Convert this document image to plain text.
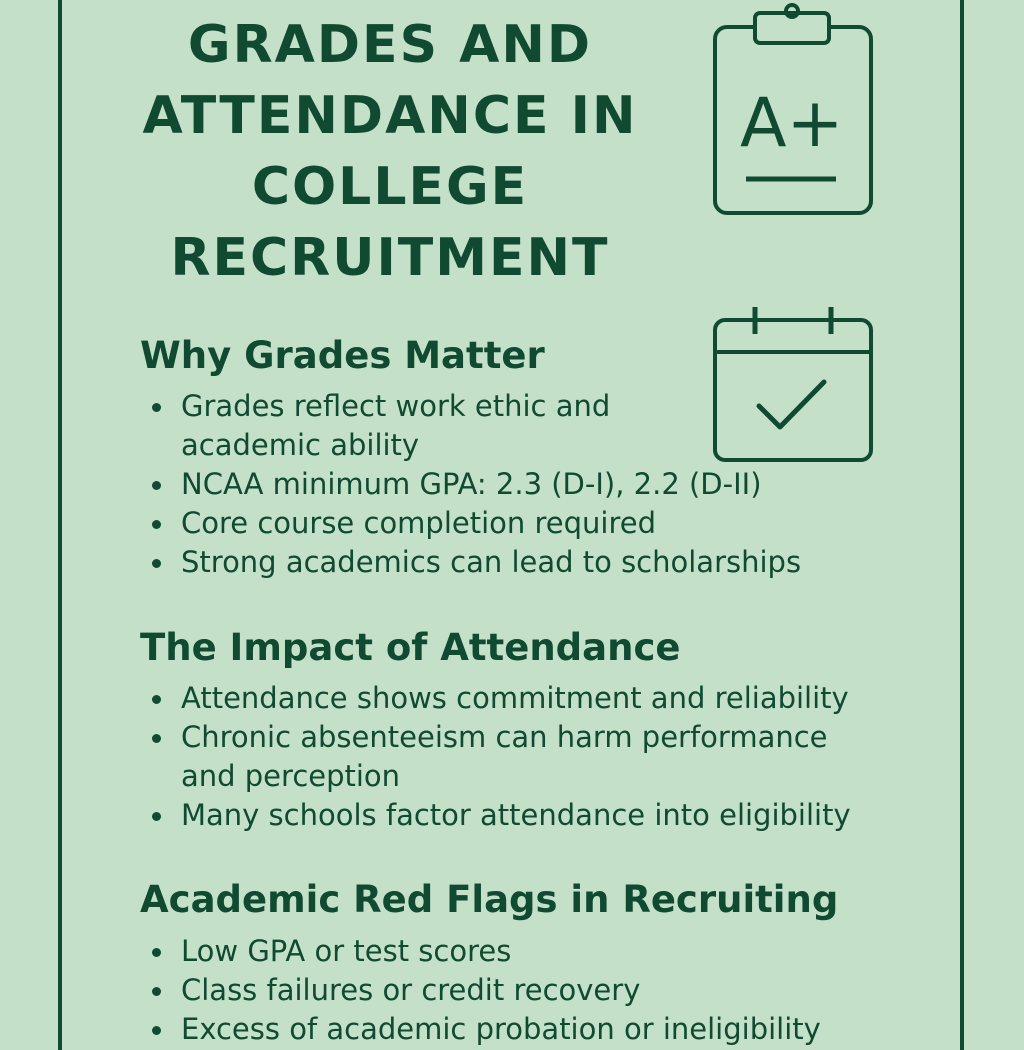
GRADES AND ATTENDANCE IN COLLEGE RECRUITMENT
A+
Why Grades Matter
Grades reflect work ethic and academic ability
NCAA minimum GPA: 2.3 (D-I), 2.2 (D-II)
Core course completion required
Strong academics can lead to scholarships
The Impact of Attendance
Attendance shows commitment and reliability
Chronic absenteeism can harm performance and perception
Many schools factor attendance into eligibility
Academic Red Flags in Recruiting
Low GPA or test scores
Class failures or credit recovery
Excess of academic probation or ineligibility
